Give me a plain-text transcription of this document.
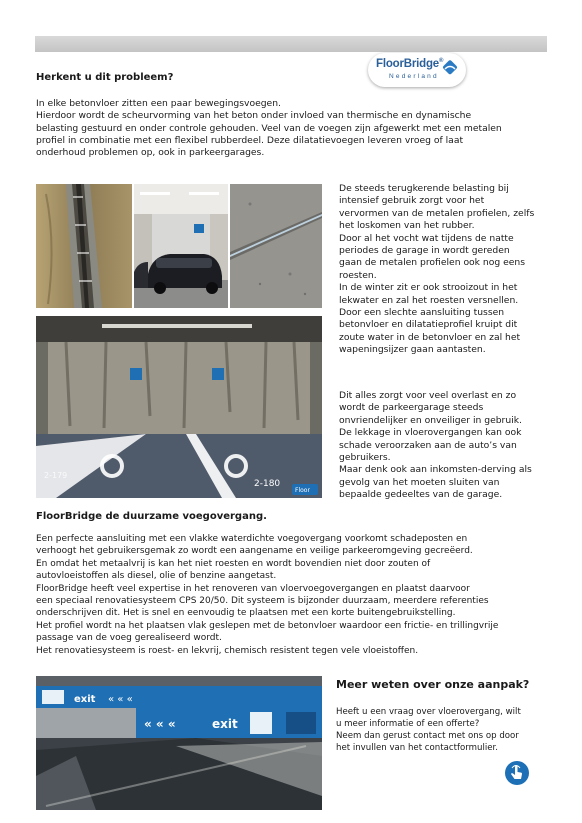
FloorBridge®
Nederland
Herkent u dit probleem?

In elke betonvloer zitten een paar bewegingsvoegen.

Hierdoor wordt de scheurvorming van het beton onder invloed van thermische en dynamische

belasting gestuurd en onder controle gehouden. Veel van de voegen zijn afgewerkt met een metalen

profiel in combinatie met een flexibel rubberdeel. Deze dilatatievoegen leveren vroeg of laat

onderhoud problemen op, ook in parkeergarages.

2-180
2-179
Floor

De steeds terugkerende belasting bij

intensief gebruik zorgt voor het

vervormen van de metalen profielen, zelfs

het loskomen van het rubber.

Door al het vocht wat tijdens de natte

periodes de garage in wordt gereden

gaan de metalen profielen ook nog eens

roesten.

In de winter zit er ook strooizout in het

lekwater en zal het roesten versnellen.

Door een slechte aansluiting tussen

betonvloer en dilatatieprofiel kruipt dit

zoute water in de betonvloer en zal het

wapeningsijzer gaan aantasten.

Dit alles zorgt voor veel overlast en zo

wordt de parkeergarage steeds

onvriendelijker en onveiliger in gebruik.

De lekkage in vloerovergangen kan ook

schade veroorzaken aan de auto’s van

gebruikers.

Maar denk ook aan inkomsten-derving als

gevolg van het moeten sluiten van

bepaalde gedeeltes van de garage.

FloorBridge de duurzame voegovergang.

Een perfecte aansluiting met een vlakke waterdichte voegovergang voorkomt schadeposten en

verhoogt het gebruikersgemak zo wordt een aangename en veilige parkeeromgeving gecreëerd.

En omdat het metaalvrij is kan het niet roesten en wordt bovendien niet door zouten of

autovloeistoffen als diesel, olie of benzine aangetast.

FloorBridge heeft veel expertise in het renoveren van vloervoegovergangen en plaatst daarvoor

een speciaal renovatiesysteem CPS 20/50. Dit systeem is bijzonder duurzaam, meerdere referenties

onderschrijven dit. Het is snel en eenvoudig te plaatsen met een korte buitengebruikstelling.

Het profiel wordt na het plaatsen vlak geslepen met de betonvloer waardoor een frictie- en trillingvrije

passage van de voeg gerealiseerd wordt.

Het renovatiesysteem is roest- en lekvrij, chemisch resistent tegen vele vloeistoffen.

exit « « «
« « «	exit
Meer weten over onze aanpak?

Heeft u een vraag over vloerovergang, wilt

u meer informatie of een offerte?

Neem dan gerust contact met ons op door

het invullen van het contactformulier.
